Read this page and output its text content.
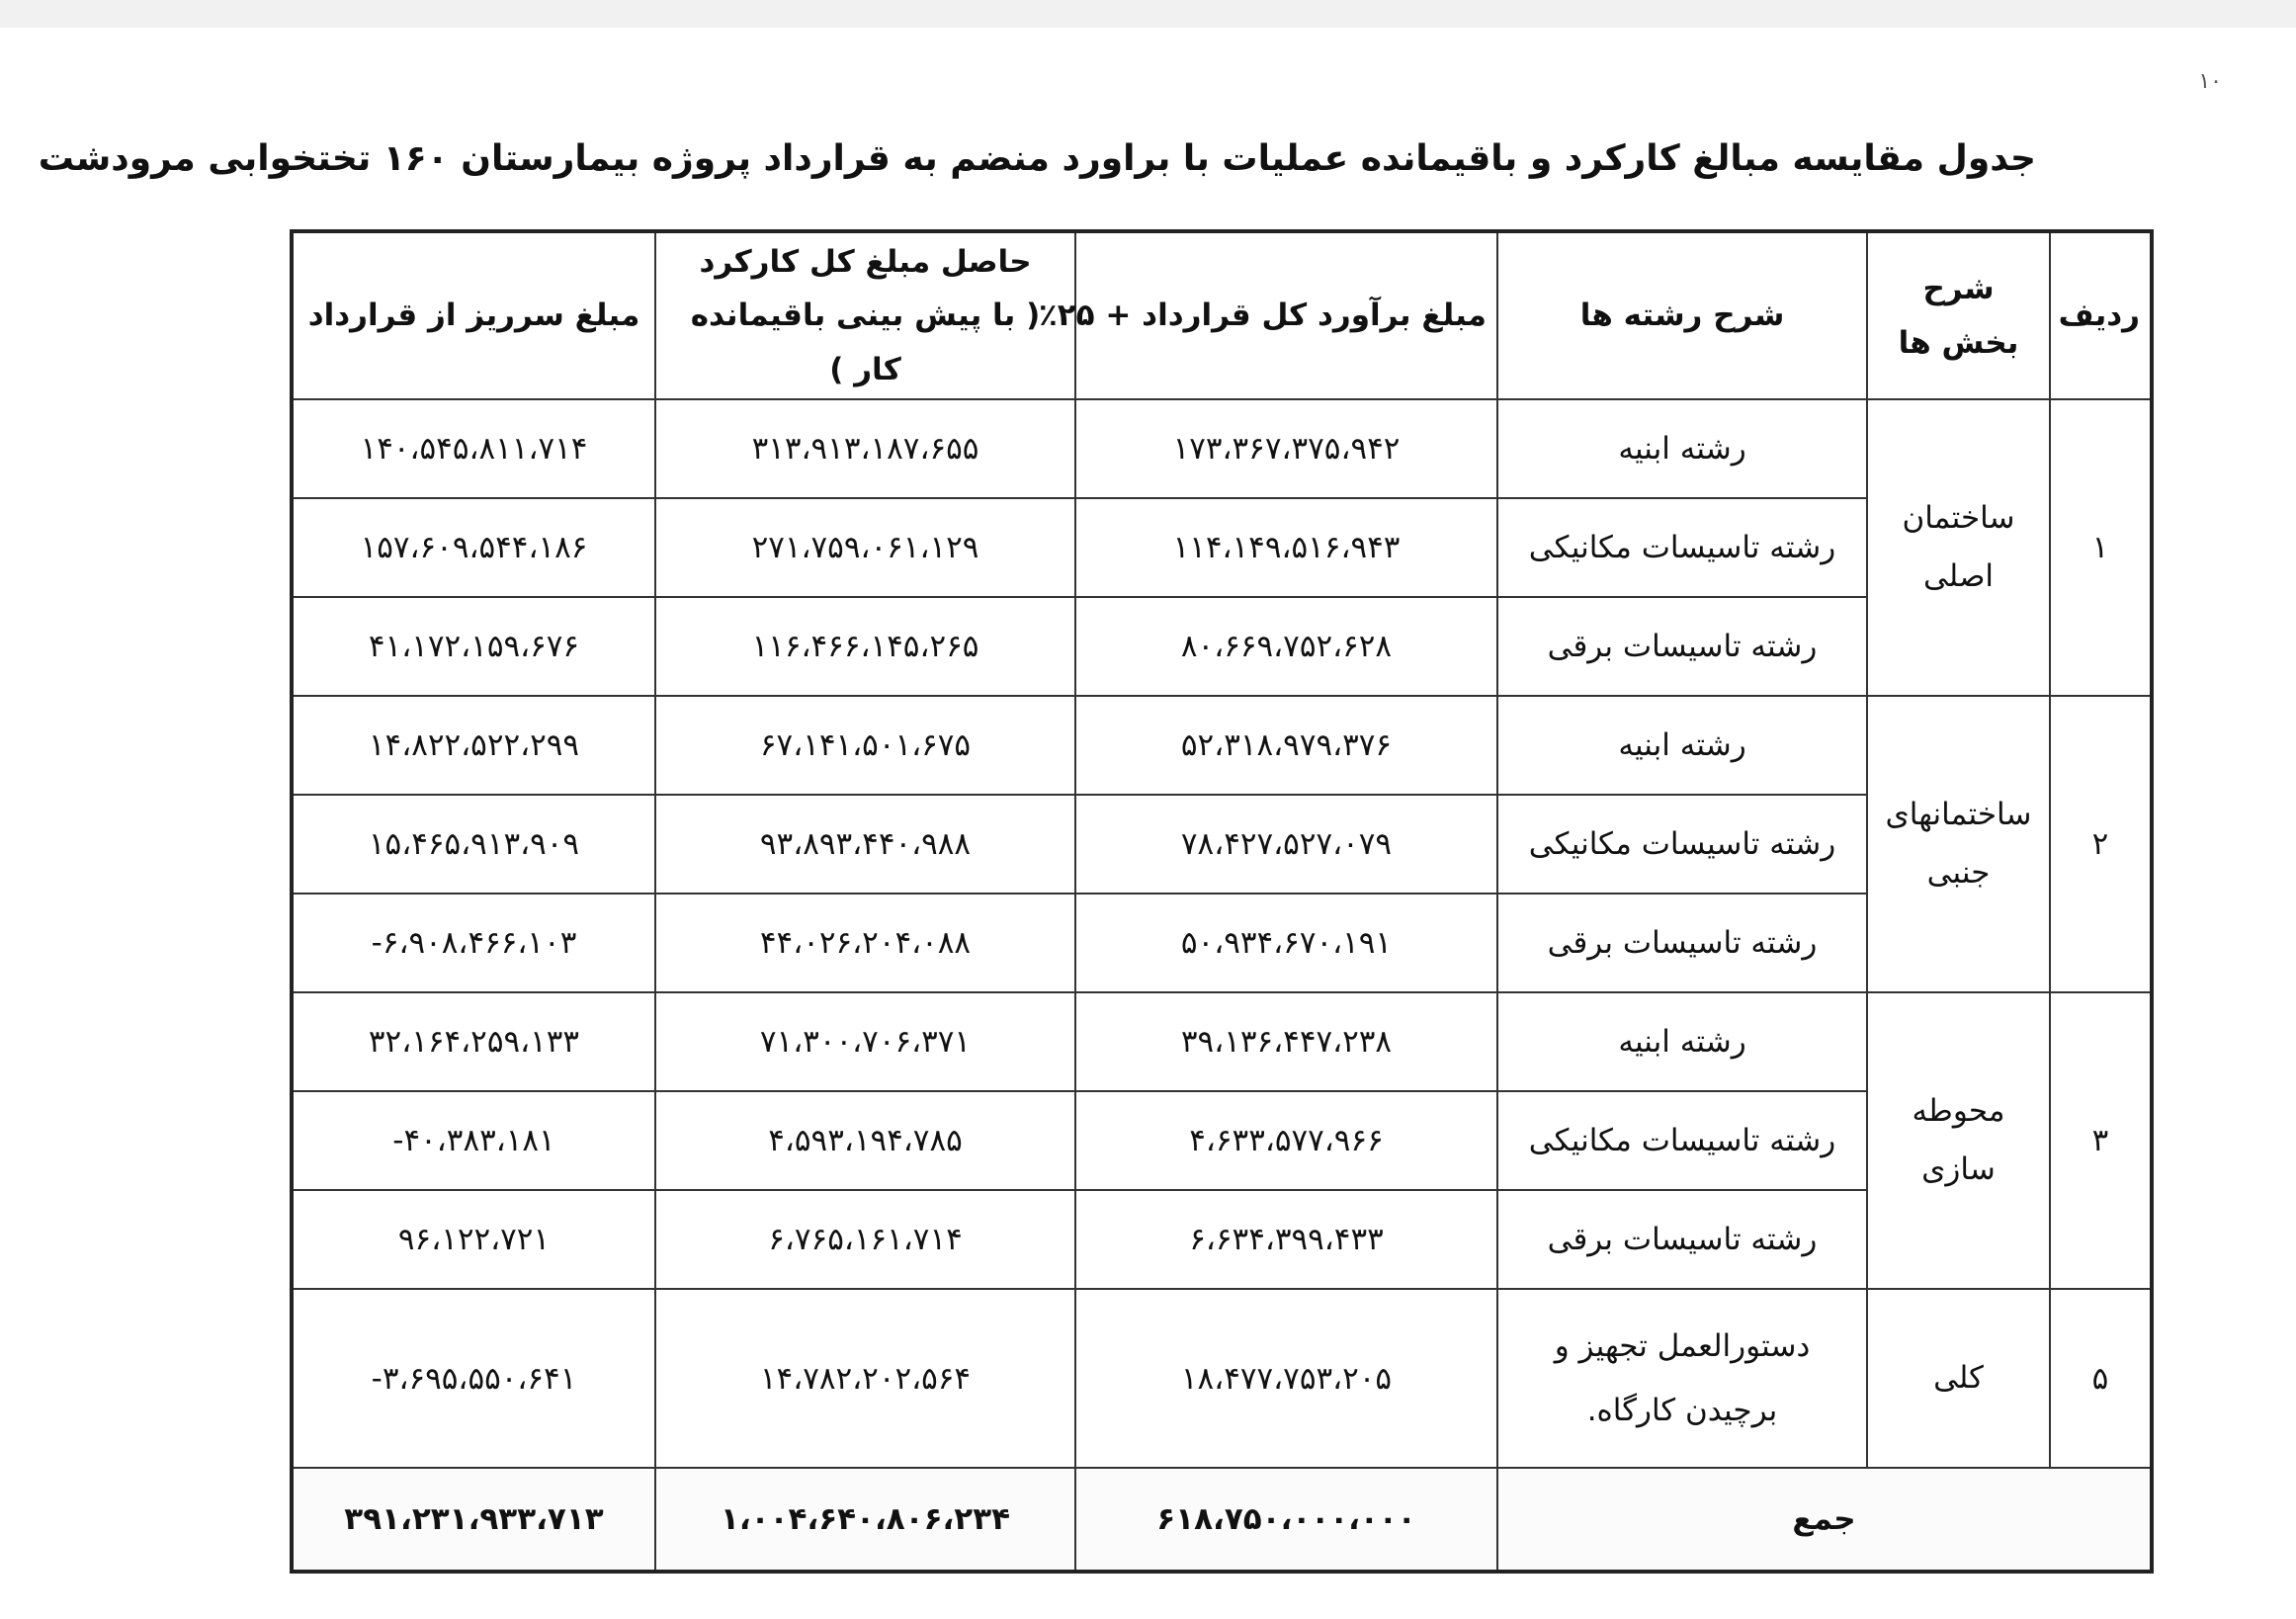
۱٠
جدول مقایسه مبالغ کارکرد و باقیمانده عملیات با براورد منضم به قرارداد پروژه بیمارستان ۱۶۰ تختخوابی مرودشت
ردیف	شرح
بخش ها	شرح رشته ها	مبلغ برآورد کل قرارداد + ۲۵٪	حاصل مبلغ کل کارکرد
( با پیش بینی باقیمانده کار )	مبلغ سرریز از قرارداد
۱	ساختمان اصلی	رشته ابنیه	۱۷۳،۳۶۷،۳۷۵،۹۴۲	۳۱۳،۹۱۳،۱۸۷،۶۵۵	۱۴۰،۵۴۵،۸۱۱،۷۱۴
		رشته تاسیسات مکانیکی	۱۱۴،۱۴۹،۵۱۶،۹۴۳	۲۷۱،۷۵۹،۰۶۱،۱۲۹	۱۵۷،۶۰۹،۵۴۴،۱۸۶
		رشته تاسیسات برقی	۸۰،۶۶۹،۷۵۲،۶۲۸	۱۱۶،۴۶۶،۱۴۵،۲۶۵	۴۱،۱۷۲،۱۵۹،۶۷۶
۲	ساختمانهای جنبی	رشته ابنیه	۵۲،۳۱۸،۹۷۹،۳۷۶	۶۷،۱۴۱،۵۰۱،۶۷۵	۱۴،۸۲۲،۵۲۲،۲۹۹
		رشته تاسیسات مکانیکی	۷۸،۴۲۷،۵۲۷،۰۷۹	۹۳،۸۹۳،۴۴۰،۹۸۸	۱۵،۴۶۵،۹۱۳،۹۰۹
		رشته تاسیسات برقی	۵۰،۹۳۴،۶۷۰،۱۹۱	۴۴،۰۲۶،۲۰۴،۰۸۸	-۶،۹۰۸،۴۶۶،۱۰۳
۳	محوطه سازی	رشته ابنیه	۳۹،۱۳۶،۴۴۷،۲۳۸	۷۱،۳۰۰،۷۰۶،۳۷۱	۳۲،۱۶۴،۲۵۹،۱۳۳
		رشته تاسیسات مکانیکی	۴،۶۳۳،۵۷۷،۹۶۶	۴،۵۹۳،۱۹۴،۷۸۵	-۴۰،۳۸۳،۱۸۱
		رشته تاسیسات برقی	۶،۶۳۴،۳۹۹،۴۳۳	۶،۷۶۵،۱۶۱،۷۱۴	۹۶،۱۲۲،۷۲۱
۵	کلی	دستورالعمل تجهیز و
برچیدن کارگاه.	۱۸،۴۷۷،۷۵۳،۲۰۵	۱۴،۷۸۲،۲۰۲،۵۶۴	-۳،۶۹۵،۵۵۰،۶۴۱
جمع			۶۱۸،۷۵۰،۰۰۰،۰۰۰	۱،۰۰۴،۶۴۰،۸۰۶،۲۳۴	۳۹۱،۲۳۱،۹۳۳،۷۱۳
